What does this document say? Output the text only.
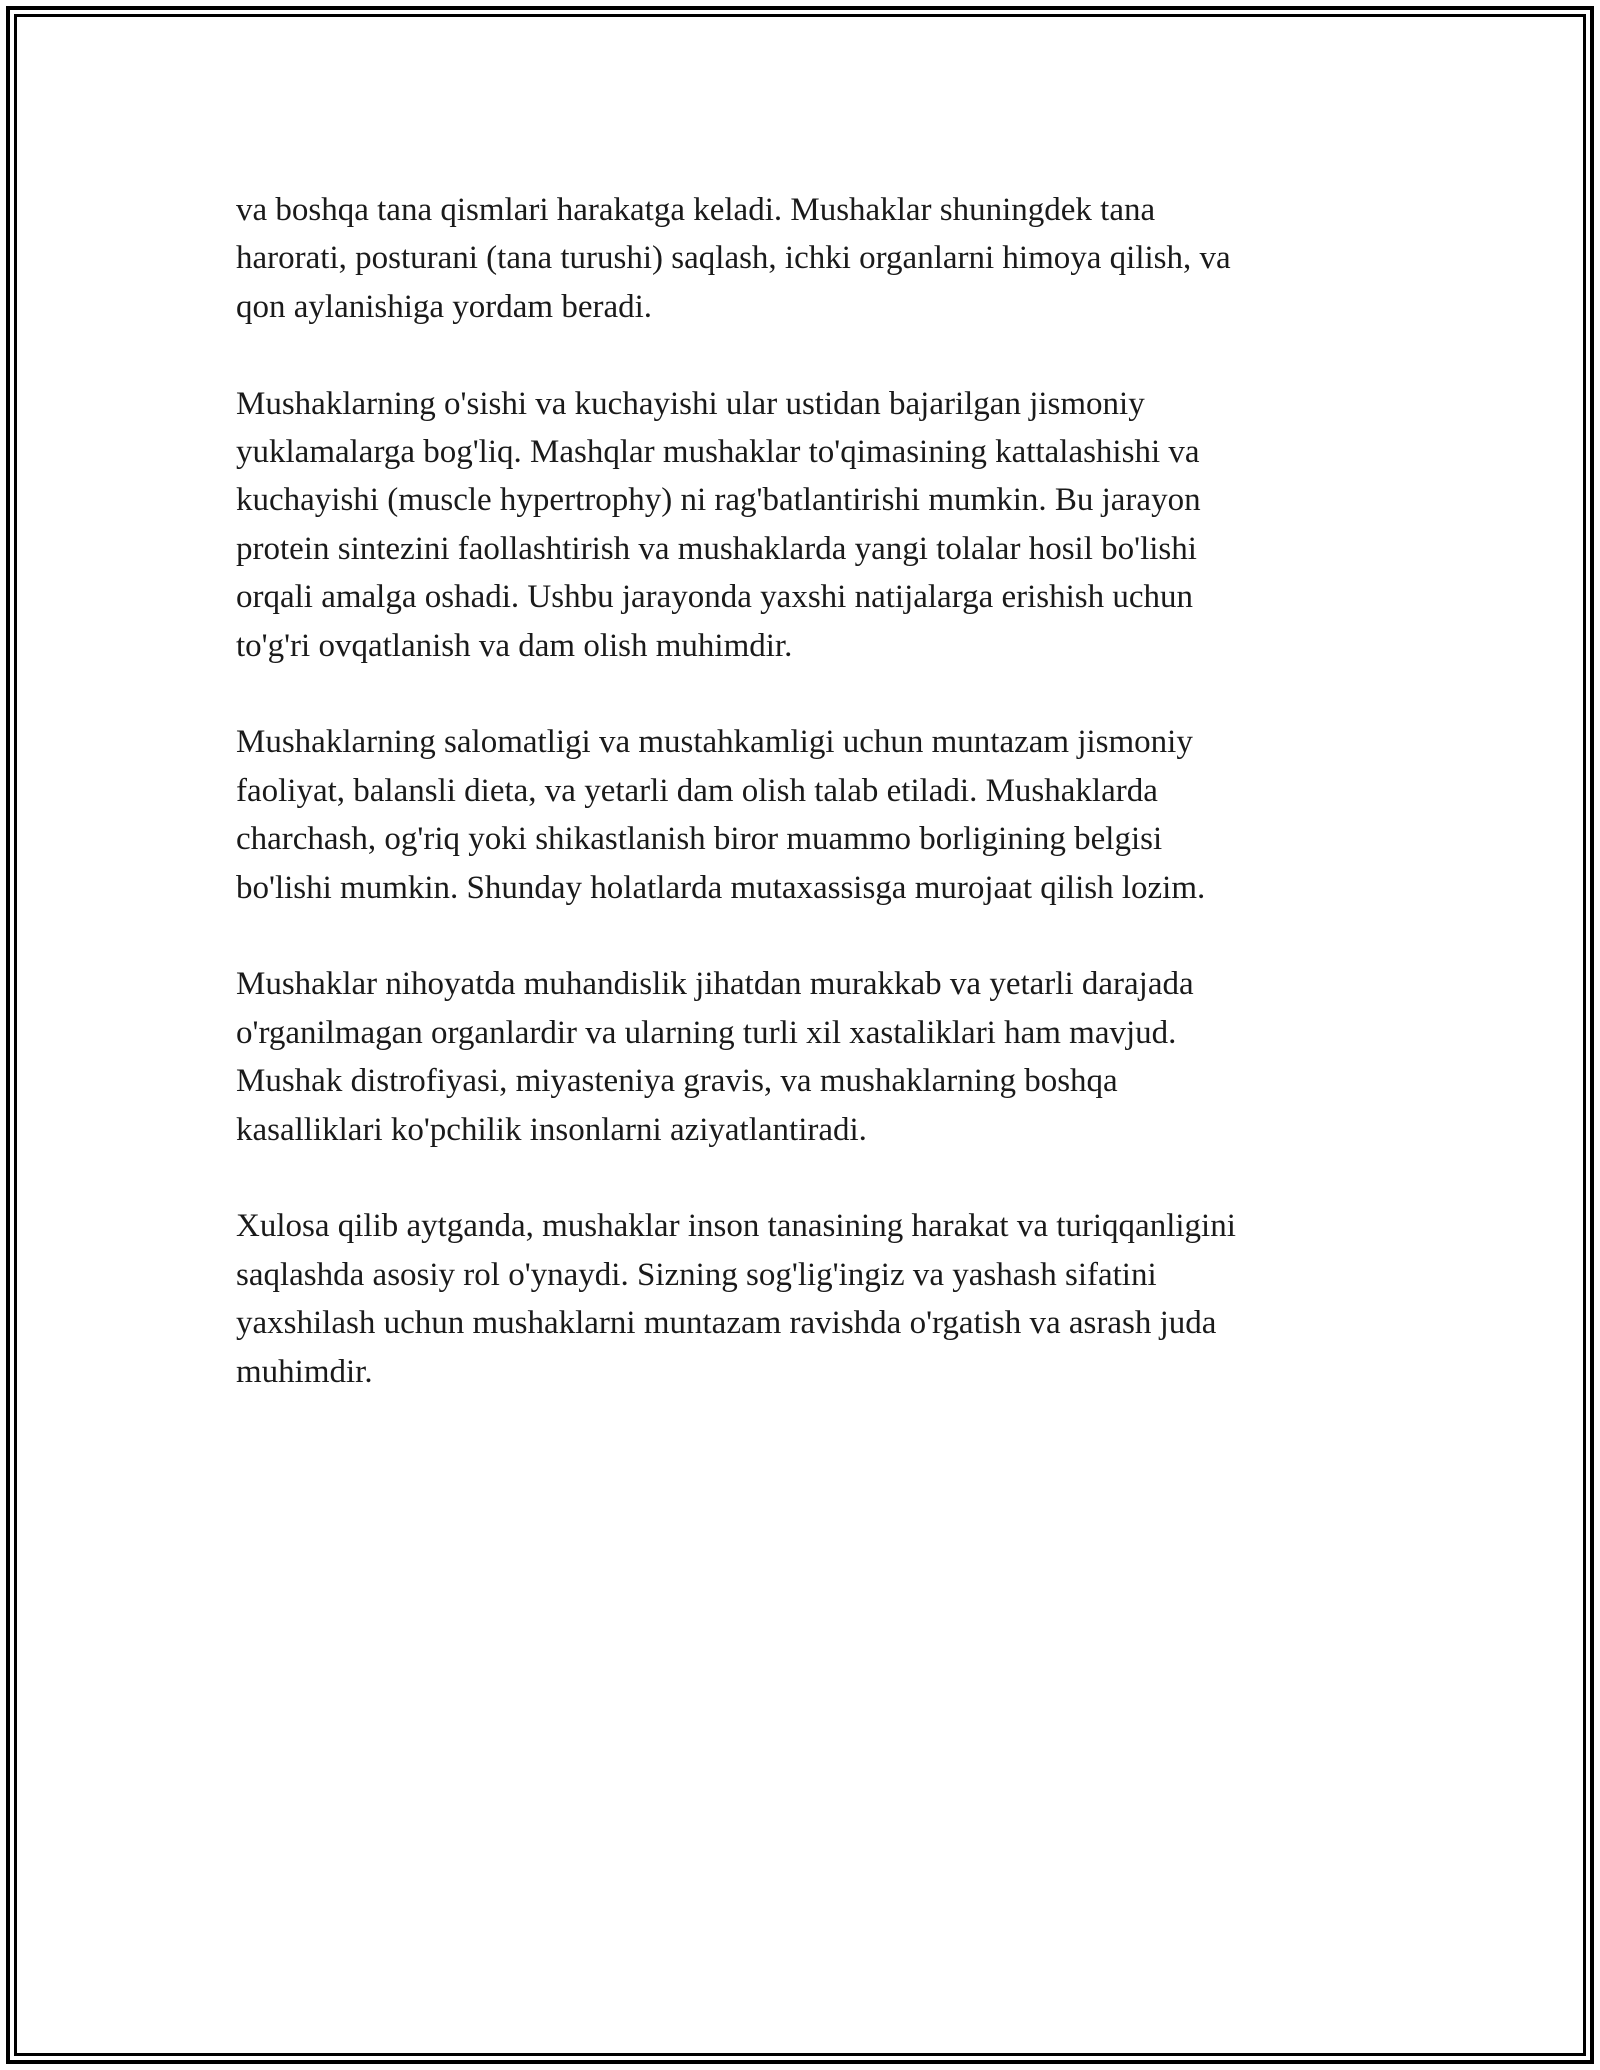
va boshqa tana qismlari harakatga keladi. Mushaklar shuningdek tana
harorati, posturani (tana turushi) saqlash, ichki organlarni himoya qilish, va
qon aylanishiga yordam beradi.

Mushaklarning o'sishi va kuchayishi ular ustidan bajarilgan jismoniy
yuklamalarga bog'liq. Mashqlar mushaklar to'qimasining kattalashishi va
kuchayishi (muscle hypertrophy) ni rag'batlantirishi mumkin. Bu jarayon
protein sintezini faollashtirish va mushaklarda yangi tolalar hosil bo'lishi
orqali amalga oshadi. Ushbu jarayonda yaxshi natijalarga erishish uchun
to'g'ri ovqatlanish va dam olish muhimdir.

Mushaklarning salomatligi va mustahkamligi uchun muntazam jismoniy
faoliyat, balansli dieta, va yetarli dam olish talab etiladi. Mushaklarda
charchash, og'riq yoki shikastlanish biror muammo borligining belgisi
bo'lishi mumkin. Shunday holatlarda mutaxassisga murojaat qilish lozim.

Mushaklar nihoyatda muhandislik jihatdan murakkab va yetarli darajada
o'rganilmagan organlardir va ularning turli xil xastaliklari ham mavjud.
Mushak distrofiyasi, miyasteniya gravis, va mushaklarning boshqa
kasalliklari ko'pchilik insonlarni aziyatlantiradi.

Xulosa qilib aytganda, mushaklar inson tanasining harakat va turiqqanligini
saqlashda asosiy rol o'ynaydi. Sizning sog'lig'ingiz va yashash sifatini
yaxshilash uchun mushaklarni muntazam ravishda o'rgatish va asrash juda
muhimdir.
